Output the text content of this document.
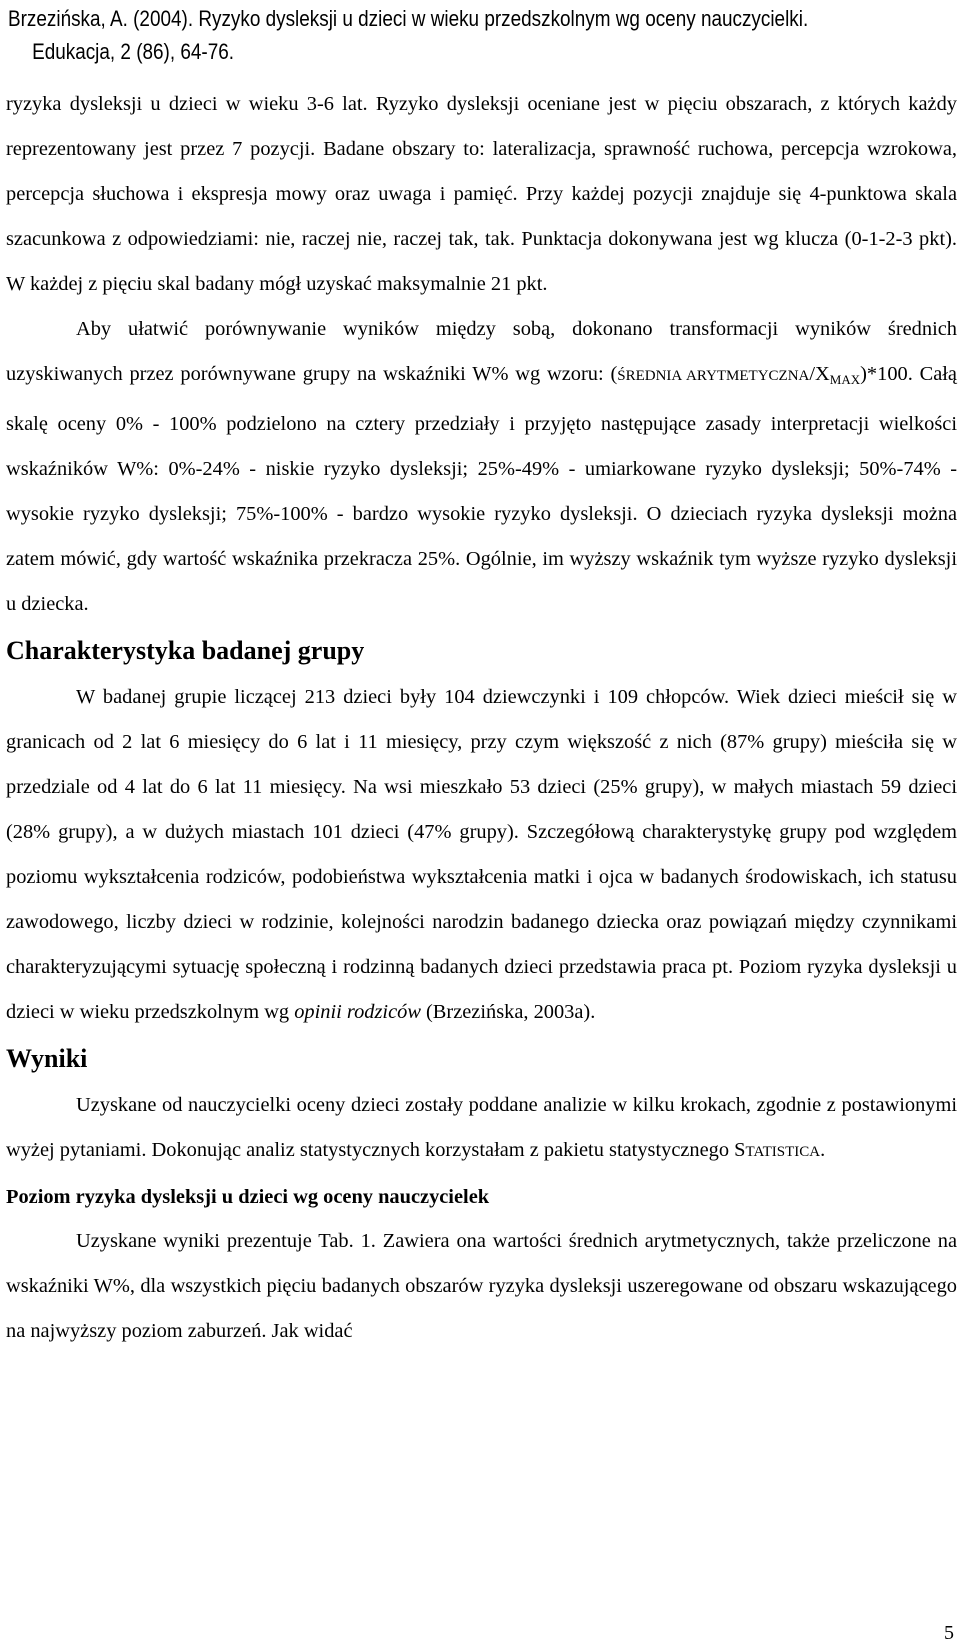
Brzezińska, A. (2004). Ryzyko dysleksji u dzieci w wieku przedszkolnym wg oceny nauczycielki.
Edukacja, 2 (86), 64-76.

ryzyka dysleksji u dzieci w wieku 3-6 lat. Ryzyko dysleksji oceniane jest w pięciu obszarach, z których każdy reprezentowany jest przez 7 pozycji. Badane obszary to: lateralizacja, sprawność ruchowa, percepcja wzrokowa, percepcja słuchowa i ekspresja mowy oraz uwaga i pamięć. Przy każdej pozycji znajduje się 4-punktowa skala szacunkowa z odpowiedziami: nie, raczej nie, raczej tak, tak. Punktacja dokonywana jest wg klucza (0-1-2-3 pkt). W każdej z pięciu skal badany mógł uzyskać maksymalnie 21 pkt.

Aby ułatwić porównywanie wyników między sobą, dokonano transformacji wyników średnich uzyskiwanych przez porównywane grupy na wskaźniki W% wg wzoru: (ŚREDNIA ARYTMETYCZNA/$X_{MAX})*100$. Całą skalę oceny 0% - 100% podzielono na cztery przedziały i przyjęto następujące zasady interpretacji wielkości wskaźników W%: 0%-24% - niskie ryzyko dysleksji; 25%-49% - umiarkowane ryzyko dysleksji; 50%-74% - wysokie ryzyko dysleksji; 75%-100% - bardzo wysokie ryzyko dysleksji. O dzieciach ryzyka dysleksji można zatem mówić, gdy wartość wskaźnika przekracza 25%. Ogólnie, im wyższy wskaźnik tym wyższe ryzyko dysleksji u dziecka.

Charakterystyka badanej grupy

W badanej grupie liczącej 213 dzieci były 104 dziewczynki i 109 chłopców. Wiek dzieci mieścił się w granicach od 2 lat 6 miesięcy do 6 lat i 11 miesięcy, przy czym większość z nich (87% grupy) mieściła się w przedziale od 4 lat do 6 lat 11 miesięcy. Na wsi mieszkało 53 dzieci (25% grupy), w małych miastach 59 dzieci (28% grupy), a w dużych miastach 101 dzieci (47% grupy). Szczegółową charakterystykę grupy pod względem poziomu wykształcenia rodziców, podobieństwa wykształcenia matki i ojca w badanych środowiskach, ich statusu zawodowego, liczby dzieci w rodzinie, kolejności narodzin badanego dziecka oraz powiązań między czynnikami charakteryzującymi sytuację społeczną i rodzinną badanych dzieci przedstawia praca pt. Poziom ryzyka dysleksji u dzieci w wieku przedszkolnym wg opinii rodziców (Brzezińska, 2003a).

Wyniki

Uzyskane od nauczycielki oceny dzieci zostały poddane analizie w kilku krokach, zgodnie z postawionymi wyżej pytaniami. Dokonując analiz statystycznych korzystałam z pakietu statystycznego STATISTICA.

Poziom ryzyka dysleksji u dzieci wg oceny nauczycielek

Uzyskane wyniki prezentuje Tab. 1. Zawiera ona wartości średnich arytmetycznych, także przeliczone na wskaźniki W%, dla wszystkich pięciu badanych obszarów ryzyka dysleksji uszeregowane od obszaru wskazującego na najwyższy poziom zaburzeń. Jak widać

5
